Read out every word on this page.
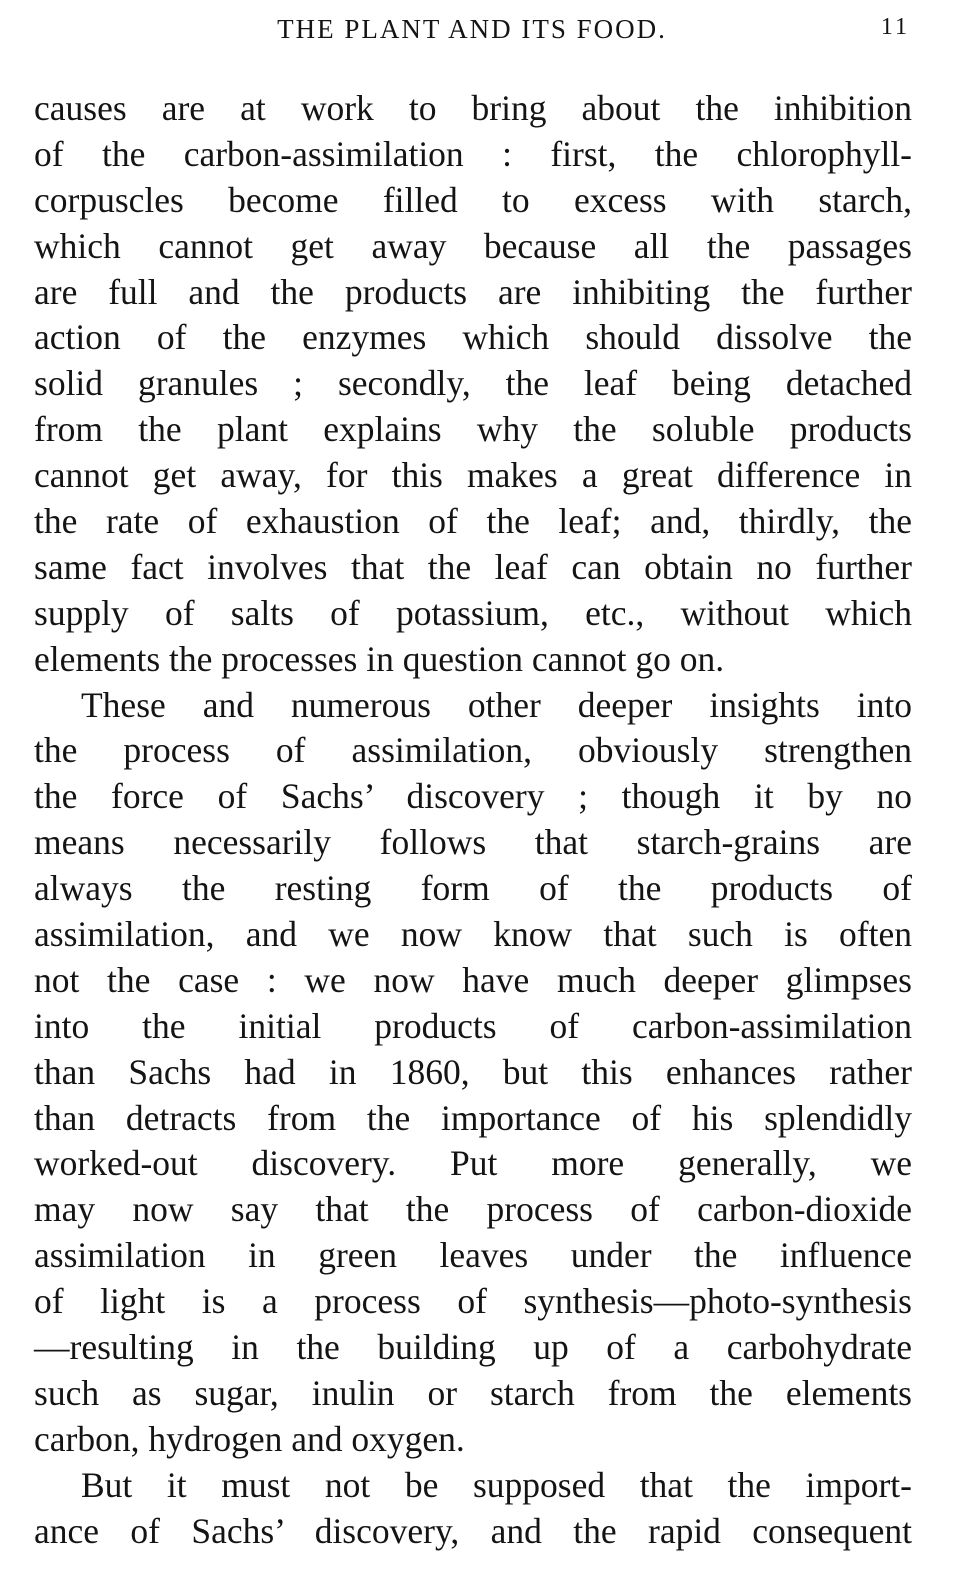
THE PLANT AND ITS FOOD.	11
causes are at work to bring about the inhibition
of the carbon-assimilation : first, the chlorophyll-
corpuscles become filled to excess with starch,
which cannot get away because all the passages
are full and the products are inhibiting the further
action of the enzymes which should dissolve the
solid granules ; secondly, the leaf being detached
from the plant explains why the soluble products
cannot get away, for this makes a great difference in
the rate of exhaustion of the leaf; and, thirdly, the
same fact involves that the leaf can obtain no further
supply of salts of potassium, etc., without which
elements the processes in question cannot go on.
These and numerous other deeper insights into
the process of assimilation, obviously strengthen
the force of Sachs’ discovery ; though it by no
means necessarily follows that starch-grains are
always the resting form of the products of
assimilation, and we now know that such is often
not the case : we now have much deeper glimpses
into the initial products of carbon-assimilation
than Sachs had in 1860, but this enhances rather
than detracts from the importance of his splendidly
worked-out discovery. Put more generally, we
may now say that the process of carbon-dioxide
assimilation in green leaves under the influence
of light is a process of synthesis—photo-synthesis
—resulting in the building up of a carbohydrate
such as sugar, inulin or starch from the elements
carbon, hydrogen and oxygen.
But it must not be supposed that the import-
ance of Sachs’ discovery, and the rapid consequent
